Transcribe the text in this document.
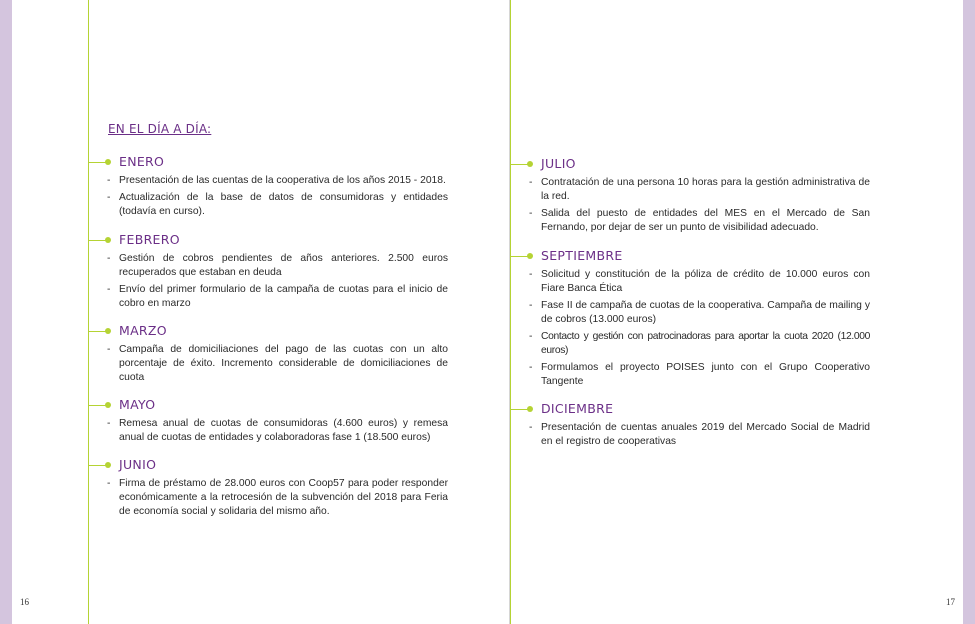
EN EL DÍA A DÍA:
ENERO
- Presentación de las cuentas de la cooperativa de los años 2015 - 2018.
- Actualización de la base de datos de consumidoras y entidades (todavía en curso).
FEBRERO
- Gestión de cobros pendientes de años anteriores. 2.500 euros recuperados que estaban en deuda
- Envío del primer formulario de la campaña de cuotas para el inicio de cobro en marzo
MARZO
- Campaña de domiciliaciones del pago de las cuotas con un alto porcentaje de éxito. Incremento considerable de domiciliaciones de cuota
MAYO
- Remesa anual de cuotas de consumidoras (4.600 euros) y remesa anual de cuotas de entidades y colaboradoras fase 1 (18.500 euros)
JUNIO
- Firma de préstamo de 28.000 euros con Coop57 para poder responder económicamente a la retrocesión de la subvención del 2018 para Feria de economía social y solidaria del mismo año.
JULIO
- Contratación de una persona 10 horas para la gestión administrativa de la red.
- Salida del puesto de entidades del MES en el Mercado de San Fernando, por dejar de ser un punto de visibilidad adecuado.
SEPTIEMBRE
- Solicitud y constitución de la póliza de crédito de 10.000 euros con Fiare Banca Ética
- Fase II de campaña de cuotas de la cooperativa. Campaña de mailing y de cobros (13.000 euros)
- Contacto y gestión con patrocinadoras para aportar la cuota 2020 (12.000 euros)
- Formulamos el proyecto POISES junto con el Grupo Cooperativo Tangente
DICIEMBRE
- Presentación de cuentas anuales 2019 del Mercado Social de Madrid en el registro de cooperativas
16	17
